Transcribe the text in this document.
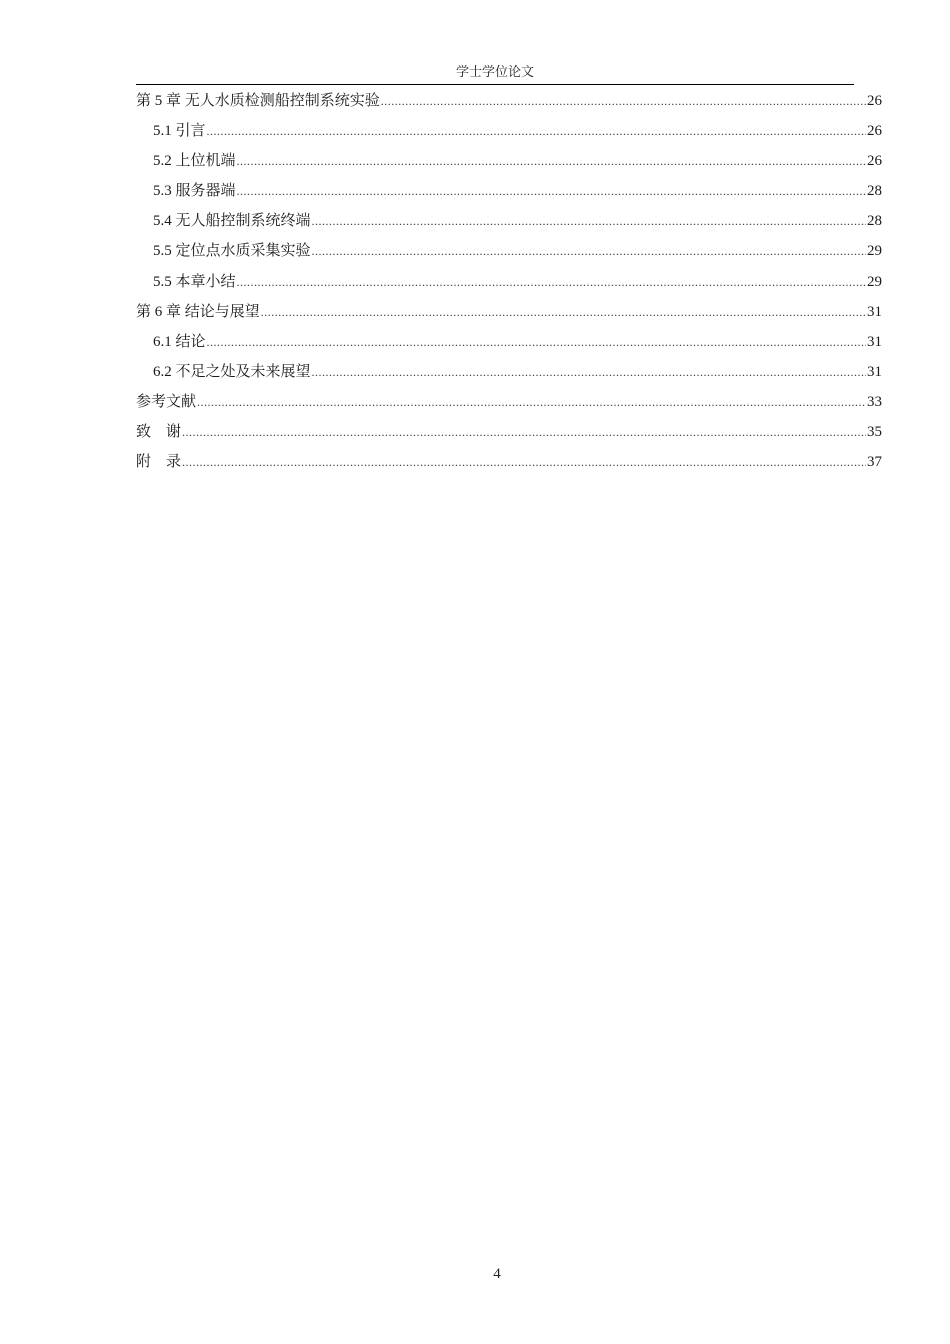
学士学位论文
第 5 章 无人水质检测船控制系统实验 .....	26
5.1 引言 .....	26
5.2 上位机端 .....	26
5.3 服务器端 .....	28
5.4 无人船控制系统终端 .....	28
5.5 定位点水质采集实验 .....	29
5.5 本章小结 .....	29
第 6 章 结论与展望 .....	31
6.1 结论 .....	31
6.2 不足之处及未来展望 .....	31
参考文献 .....	33
致    谢 .....	35
附    录 .....	37
4
